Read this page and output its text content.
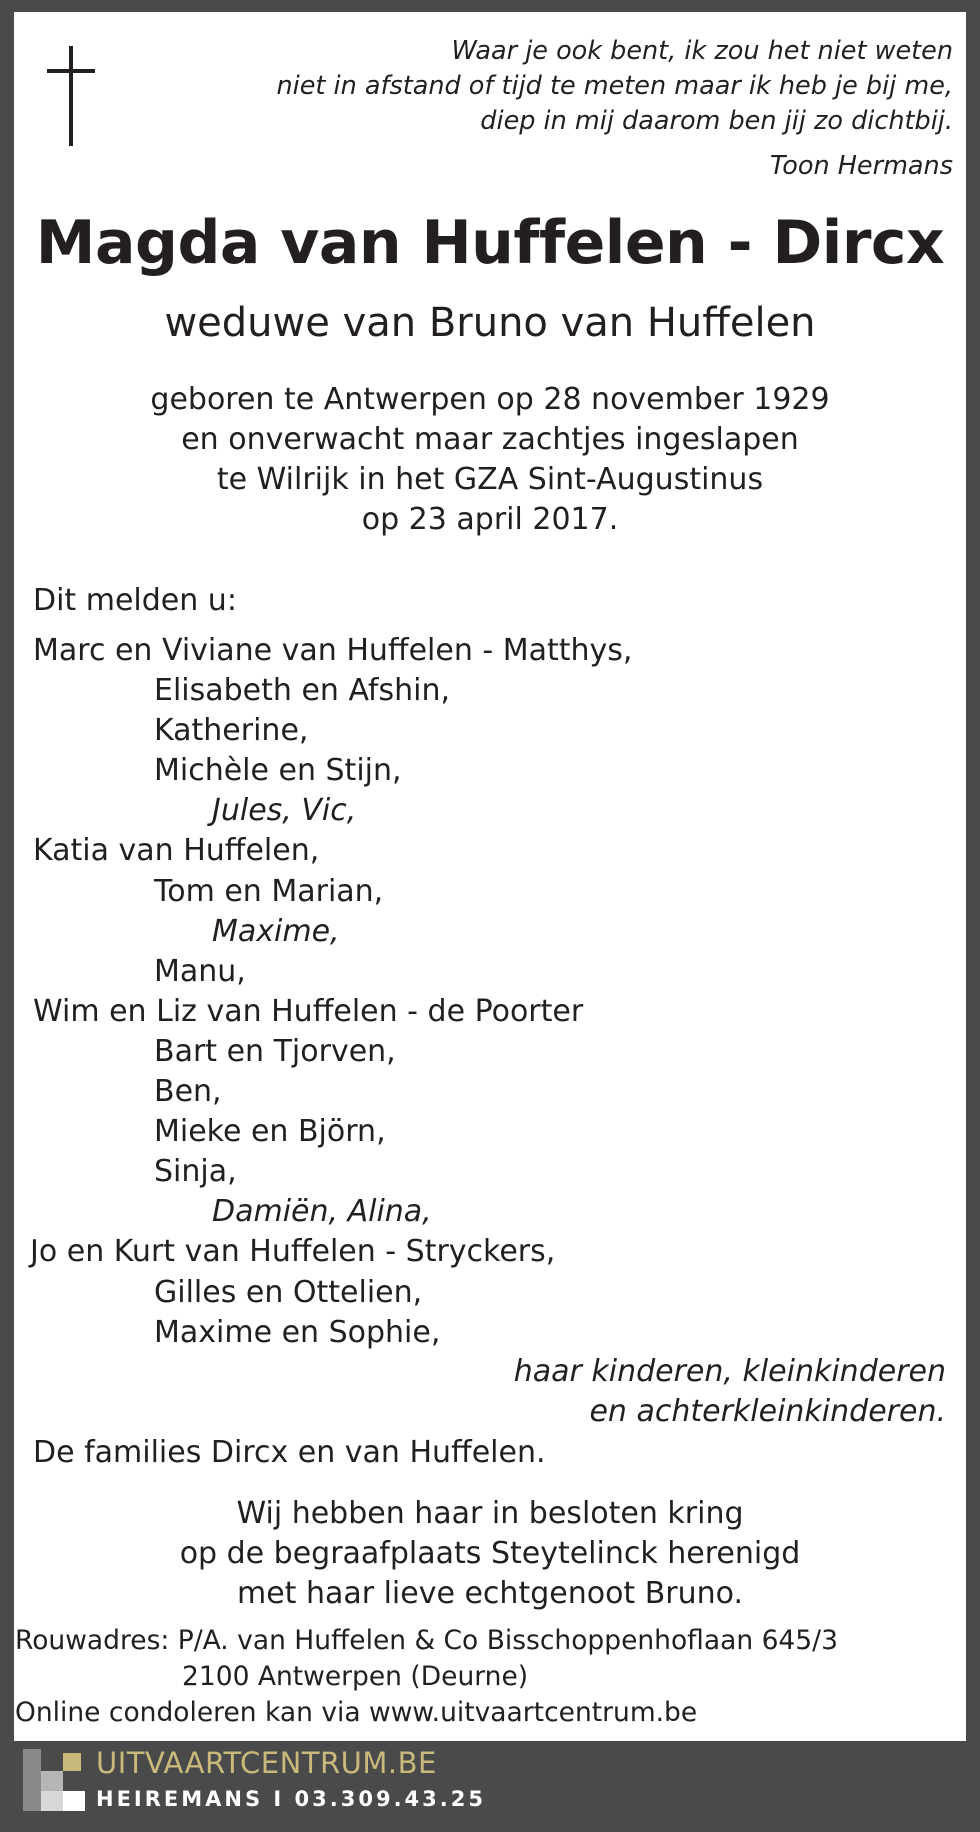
Waar je ook bent, ik zou het niet weten
niet in afstand of tijd te meten maar ik heb je bij me,
diep in mij daarom ben jij zo dichtbij.
Toon Hermans
Magda van Huffelen - Dircx
weduwe van Bruno van Huffelen
geboren te Antwerpen op 28 november 1929
en onverwacht maar zachtjes ingeslapen
te Wilrijk in het GZA Sint-Augustinus
op 23 april 2017.
Dit melden u:
Marc en Viviane van Huffelen - Matthys,
Elisabeth en Afshin,
Katherine,
Michèle en Stijn,
Jules, Vic,
Katia van Huffelen,
Tom en Marian,
Maxime,
Manu,
Wim en Liz van Huffelen - de Poorter
Bart en Tjorven,
Ben,
Mieke en Björn,
Sinja,
Damiën, Alina,
Jo en Kurt van Huffelen - Stryckers,
Gilles en Ottelien,
Maxime en Sophie,
haar kinderen, kleinkinderen
en achterkleinkinderen.
De families Dircx en van Huffelen.
Wij hebben haar in besloten kring
op de begraafplaats Steytelinck herenigd
met haar lieve echtgenoot Bruno.
Rouwadres: P/A. van Huffelen & Co Bisschoppenhoflaan 645/3
2100 Antwerpen (Deurne)
Online condoleren kan via www.uitvaartcentrum.be
UITVAARTCENTRUM.BE
HEIREMANS I 03.309.43.25
